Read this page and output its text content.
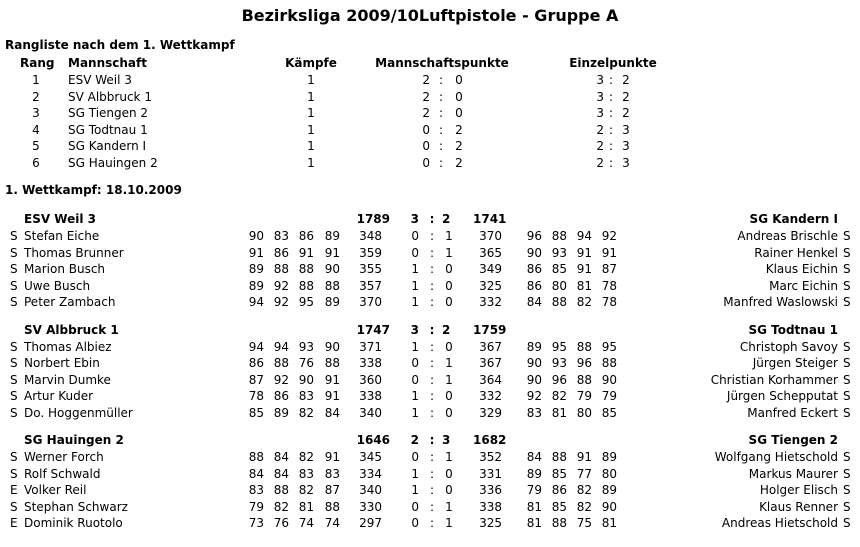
Bezirksliga 2009/10Luftpistole - Gruppe A
Rangliste nach dem 1. Wettkampf
Rang Mannschaft	Kämpfe	Mannschaftspunkte	Einzelpunkte
1	ESV Weil 3	1	2 : 0	3 : 2
2	SV Albbruck 1	1	2 : 0	3 : 2
3	SG Tiengen 2	1	2 : 0	3 : 2
4	SG Todtnau 1	1	0 : 2	2 : 3
5	SG Kandern I	1	0 : 2	2 : 3
6	SG Hauingen 2	1	0 : 2	2 : 3
1. Wettkampf: 18.10.2009
ESV Weil 3	1789	3 : 2	1741	SG Kandern I
S Stefan Eiche	90 83 86 89	348	0 : 1	370	96 88 94 92	Andreas Brischle S
S Thomas Brunner	91 86 91 91	359	0 : 1	365	90 93 91 91	Rainer Henkel S
S Marion Busch	89 88 88 90	355	1 : 0	349	86 85 91 87	Klaus Eichin S
S Uwe Busch	89 92 88 88	357	1 : 0	325	86 80 81 78	Marc Eichin S
S Peter Zambach	94 92 95 89	370	1 : 0	332	84 88 82 78	Manfred Waslowski S
SV Albbruck 1	1747	3 : 2	1759	SG Todtnau 1
S Thomas Albiez	94 94 93 90	371	1 : 0	367	89 95 88 95	Christoph Savoy S
S Norbert Ebin	86 88 76 88	338	0 : 1	367	90 93 96 88	Jürgen Steiger S
S Marvin Dumke	87 92 90 91	360	0 : 1	364	90 96 88 90	Christian Korhammer S
S Artur Kuder	78 86 83 91	338	1 : 0	332	92 82 79 79	Jürgen Schepputat S
S Do. Hoggenmüller	85 89 82 84	340	1 : 0	329	83 81 80 85	Manfred Eckert S
SG Hauingen 2	1646	2 : 3	1682	SG Tiengen 2
S Werner Forch	88 84 82 91	345	0 : 1	352	84 88 91 89	Wolfgang Hietschold S
S Rolf Schwald	84 84 83 83	334	1 : 0	331	89 85 77 80	Markus Maurer S
E Volker Reil	83 88 82 87	340	1 : 0	336	79 86 82 89	Holger Elisch S
S Stephan Schwarz	79 82 81 88	330	0 : 1	338	81 85 82 90	Klaus Renner S
E Dominik Ruotolo	73 76 74 74	297	0 : 1	325	81 88 75 81	Andreas Hietschold S
